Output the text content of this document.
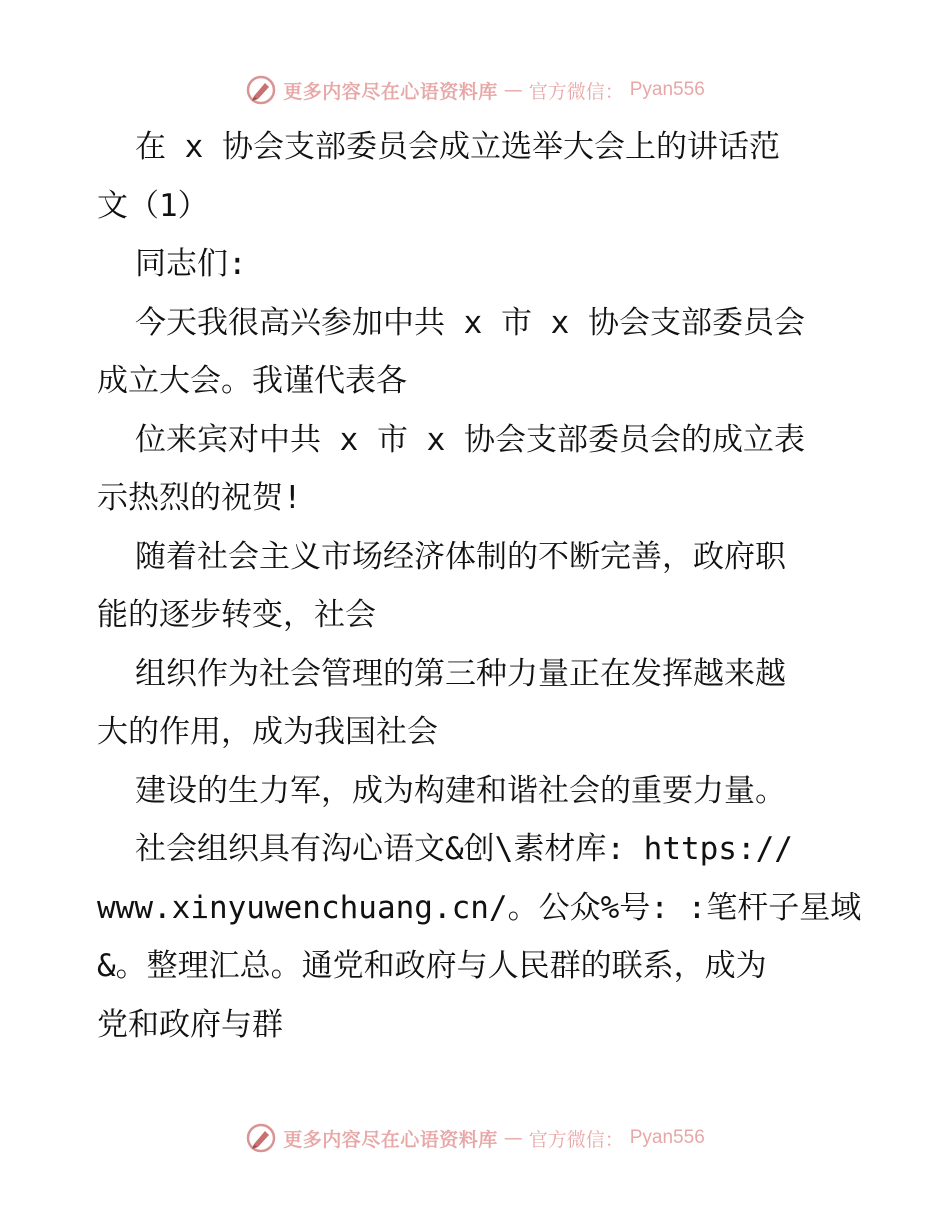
更多内容尽在心语资料库 — 官方微信： Pyan556
在 x 协会支部委员会成立选举大会上的讲话范
文（1）
同志们:
今天我很高兴参加中共 x 市 x 协会支部委员会
成立大会。我谨代表各
位来宾对中共 x 市 x 协会支部委员会的成立表
示热烈的祝贺!
随着社会主义市场经济体制的不断完善，政府职
能的逐步转变，社会
组织作为社会管理的第三种力量正在发挥越来越
大的作用，成为我国社会
建设的生力军，成为构建和谐社会的重要力量。
社会组织具有沟心语文&创\素材库: https://
www.xinyuwenchuang.cn/。公众%号: :笔杆子星域
&。整理汇总。通党和政府与人民群的联系，成为
党和政府与群
更多内容尽在心语资料库 — 官方微信： Pyan556
